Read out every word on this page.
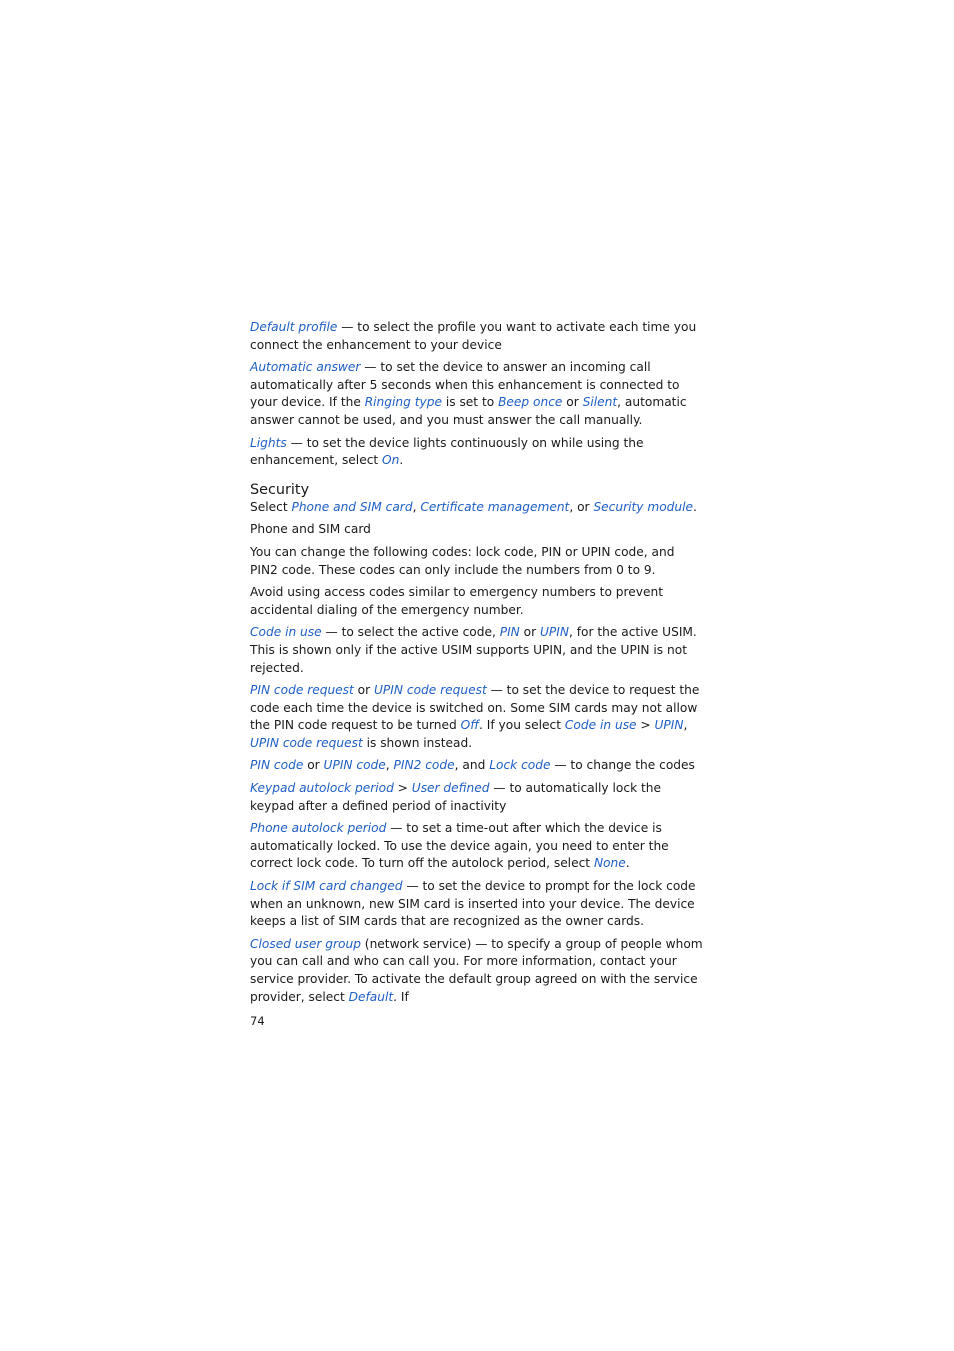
Default profile — to select the profile you want to activate each time you connect the enhancement to your device

Automatic answer — to set the device to answer an incoming call automatically after 5 seconds when this enhancement is connected to your device. If the Ringing type is set to Beep once or Silent, automatic answer cannot be used, and you must answer the call manually.

Lights — to set the device lights continuously on while using the enhancement, select On.

Security

Select Phone and SIM card, Certificate management, or Security module.

Phone and SIM card

You can change the following codes: lock code, PIN or UPIN code, and PIN2 code. These codes can only include the numbers from 0 to 9.

Avoid using access codes similar to emergency numbers to prevent accidental dialing of the emergency number.

Code in use — to select the active code, PIN or UPIN, for the active USIM. This is shown only if the active USIM supports UPIN, and the UPIN is not rejected.

PIN code request or UPIN code request — to set the device to request the code each time the device is switched on. Some SIM cards may not allow the PIN code request to be turned Off. If you select Code in use > UPIN, UPIN code request is shown instead.

PIN code or UPIN code, PIN2 code, and Lock code — to change the codes

Keypad autolock period > User defined — to automatically lock the keypad after a defined period of inactivity

Phone autolock period — to set a time-out after which the device is automatically locked. To use the device again, you need to enter the correct lock code. To turn off the autolock period, select None.

Lock if SIM card changed — to set the device to prompt for the lock code when an unknown, new SIM card is inserted into your device. The device keeps a list of SIM cards that are recognized as the owner cards.

Closed user group (network service) — to specify a group of people whom you can call and who can call you. For more information, contact your service provider. To activate the default group agreed on with the service provider, select Default. If

74
